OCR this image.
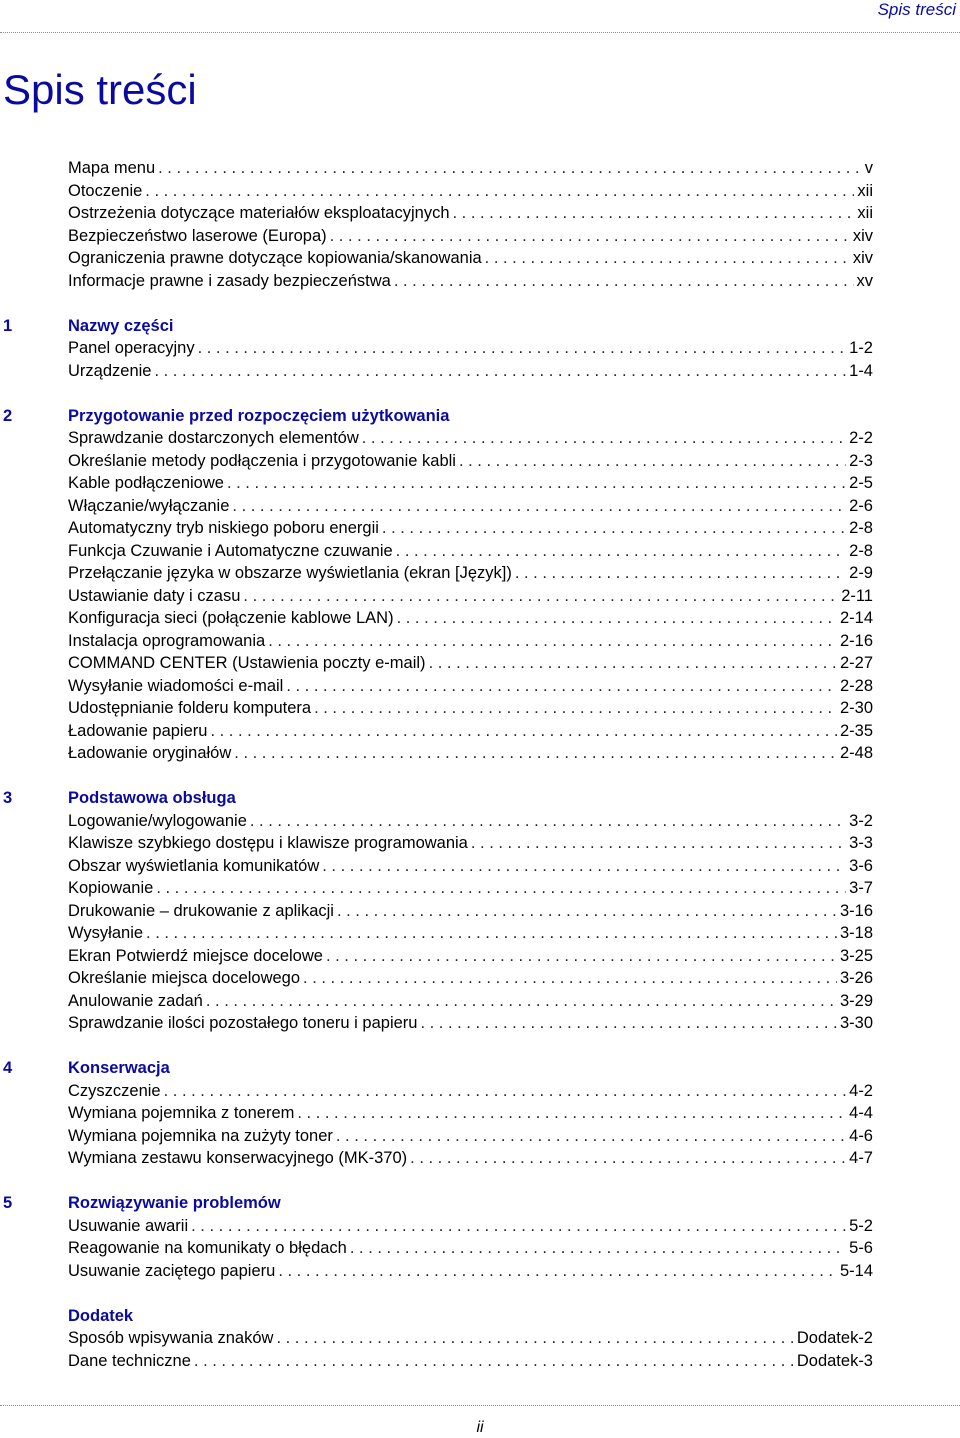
Spis treści
Spis treści
Mapa menu . . .	v
Otoczenie . . .	xii
Ostrzeżenia dotyczące materiałów eksploatacyjnych . . .	xii
Bezpieczeństwo laserowe (Europa) . . .	xiv
Ograniczenia prawne dotyczące kopiowania/skanowania . . .	xiv
Informacje prawne i zasady bezpieczeństwa . . .	xv
1	Nazwy części
Panel operacyjny . . .	1-2
Urządzenie . . .	1-4
2	Przygotowanie przed rozpoczęciem użytkowania
Sprawdzanie dostarczonych elementów . . .	2-2
Określanie metody podłączenia i przygotowanie kabli . . .	2-3
Kable podłączeniowe . . .	2-5
Włączanie/wyłączanie . . .	2-6
Automatyczny tryb niskiego poboru energii . . .	2-8
Funkcja Czuwanie i Automatyczne czuwanie . . .	2-8
Przełączanie języka w obszarze wyświetlania (ekran [Język]) . . .	2-9
Ustawianie daty i czasu . . .	2-11
Konfiguracja sieci (połączenie kablowe LAN) . . .	2-14
Instalacja oprogramowania . . .	2-16
COMMAND CENTER (Ustawienia poczty e-mail) . . .	2-27
Wysyłanie wiadomości e-mail . . .	2-28
Udostępnianie folderu komputera . . .	2-30
Ładowanie papieru . . .	2-35
Ładowanie oryginałów . . .	2-48
3	Podstawowa obsługa
Logowanie/wylogowanie . . .	3-2
Klawisze szybkiego dostępu i klawisze programowania . . .	3-3
Obszar wyświetlania komunikatów . . .	3-6
Kopiowanie . . .	3-7
Drukowanie – drukowanie z aplikacji . . .	3-16
Wysyłanie . . .	3-18
Ekran Potwierdź miejsce docelowe . . .	3-25
Określanie miejsca docelowego . . .	3-26
Anulowanie zadań . . .	3-29
Sprawdzanie ilości pozostałego toneru i papieru . . .	3-30
4	Konserwacja
Czyszczenie . . .	4-2
Wymiana pojemnika z tonerem . . .	4-4
Wymiana pojemnika na zużyty toner . . .	4-6
Wymiana zestawu konserwacyjnego (MK-370) . . .	4-7
5	Rozwiązywanie problemów
Usuwanie awarii . . .	5-2
Reagowanie na komunikaty o błędach . . .	5-6
Usuwanie zaciętego papieru . . .	5-14
Dodatek
Sposób wpisywania znaków . . .	Dodatek-2
Dane techniczne . . .	Dodatek-3
ii
